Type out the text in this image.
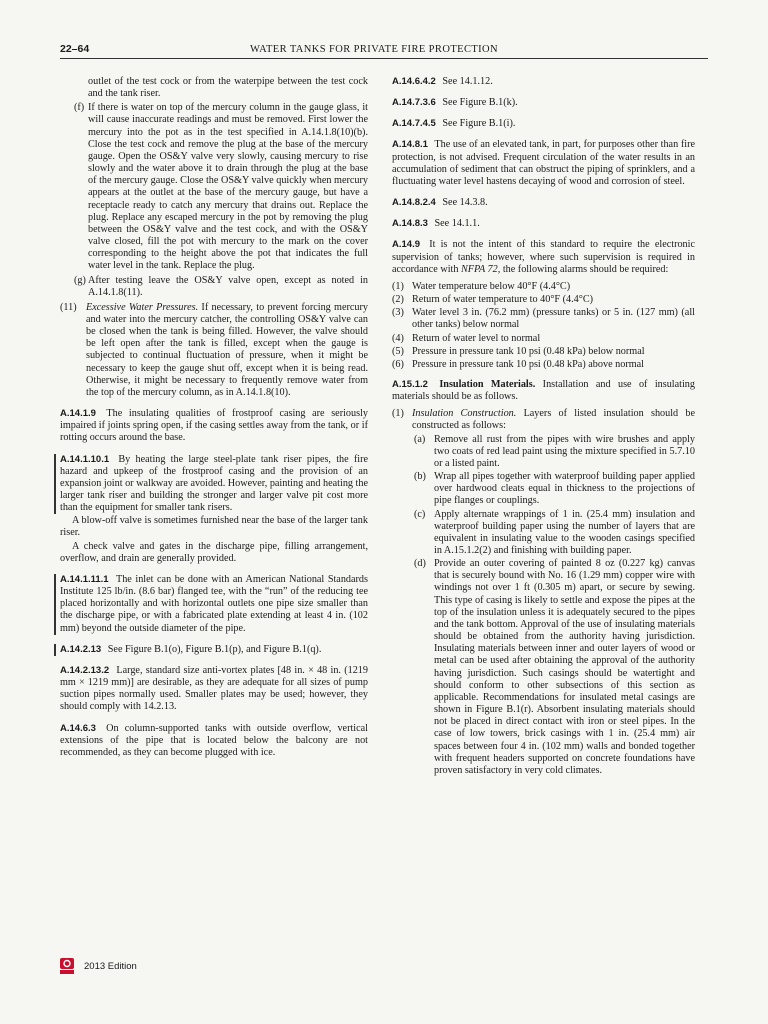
22–64	WATER TANKS FOR PRIVATE FIRE PROTECTION
outlet of the test cock or from the waterpipe between the test cock and the tank riser.
(f) If there is water on top of the mercury column in the gauge glass, it will cause inaccurate readings and must be removed. First lower the mercury into the pot as in the test specified in A.14.1.8(10)(b). Close the test cock and remove the plug at the base of the mercury gauge. Open the OS&Y valve very slowly, causing mercury to rise slowly and the water above it to drain through the plug at the base of the mercury gauge. Close the OS&Y valve quickly when mercury appears at the outlet at the base of the mercury gauge, but have a receptacle ready to catch any mercury that drains out. Replace the plug. Replace any escaped mercury in the pot by removing the plug between the OS&Y valve and the test cock, and with the OS&Y valve closed, fill the pot with mercury to the mark on the cover corresponding to the height above the pot that indicates the full water level in the tank. Replace the plug.
(g) After testing leave the OS&Y valve open, except as noted in A.14.1.8(11).
(11) Excessive Water Pressures. If necessary, to prevent forcing mercury and water into the mercury catcher, the controlling OS&Y valve can be closed when the tank is being filled. However, the valve should be left open after the tank is filled, except when the gauge is subjected to continual fluctuation of pressure, when it might be necessary to keep the gauge shut off, except when it is being read. Otherwise, it might be necessary to frequently remove water from the top of the mercury column, as in A.14.1.8(10).

A.14.1.9 The insulating qualities of frostproof casing are seriously impaired if joints spring open, if the casing settles away from the tank, or if rotting occurs around the base.

A.14.1.10.1 By heating the large steel-plate tank riser pipes, the fire hazard and upkeep of the frostproof casing and the provision of an expansion joint or walkway are avoided. However, painting and heating the larger tank riser and building the stronger and larger valve pit cost more than the equipment for smaller tank risers.

A blow-off valve is sometimes furnished near the base of the larger tank riser.

A check valve and gates in the discharge pipe, filling arrangement, overflow, and drain are generally provided.

A.14.1.11.1 The inlet can be done with an American National Standards Institute 125 lb/in. (8.6 bar) flanged tee, with the “run” of the reducing tee placed horizontally and with horizontal outlets one pipe size smaller than the discharge pipe, or with a fabricated plate extending at least 4 in. (102 mm) beyond the outside diameter of the pipe.

A.14.2.13 See Figure B.1(o), Figure B.1(p), and Figure B.1(q).

A.14.2.13.2 Large, standard size anti-vortex plates [48 in. × 48 in. (1219 mm × 1219 mm)] are desirable, as they are adequate for all sizes of pump suction pipes normally used. Smaller plates may be used; however, they should comply with 14.2.13.

A.14.6.3 On column-supported tanks with outside overflow, vertical extensions of the pipe that is located below the balcony are not recommended, as they can become plugged with ice.

A.14.6.4.2 See 14.1.12.

A.14.7.3.6 See Figure B.1(k).

A.14.7.4.5 See Figure B.1(i).

A.14.8.1 The use of an elevated tank, in part, for purposes other than fire protection, is not advised. Frequent circulation of the water results in an accumulation of sediment that can obstruct the piping of sprinklers, and a fluctuating water level hastens decaying of wood and corrosion of steel.

A.14.8.2.4 See 14.3.8.

A.14.8.3 See 14.1.1.

A.14.9 It is not the intent of this standard to require the electronic supervision of tanks; however, where such supervision is required in accordance with NFPA 72, the following alarms should be required:

(1) Water temperature below 40°F (4.4°C)
(2) Return of water temperature to 40°F (4.4°C)
(3) Water level 3 in. (76.2 mm) (pressure tanks) or 5 in. (127 mm) (all other tanks) below normal
(4) Return of water level to normal
(5) Pressure in pressure tank 10 psi (0.48 kPa) below normal
(6) Pressure in pressure tank 10 psi (0.48 kPa) above normal

A.15.1.2 Insulation Materials. Installation and use of insulating materials should be as follows.

(1) Insulation Construction. Layers of listed insulation should be constructed as follows:
(a) Remove all rust from the pipes with wire brushes and apply two coats of red lead paint using the mixture specified in 5.7.10 or a listed paint.
(b) Wrap all pipes together with waterproof building paper applied over hardwood cleats equal in thickness to the projections of pipe flanges or couplings.
(c) Apply alternate wrappings of 1 in. (25.4 mm) insulation and waterproof building paper using the number of layers that are equivalent in insulating value to the wooden casings specified in A.15.1.2(2) and finishing with building paper.
(d) Provide an outer covering of painted 8 oz (0.227 kg) canvas that is securely bound with No. 16 (1.29 mm) copper wire with windings not over 1 ft (0.305 m) apart, or secure by sewing. This type of casing is likely to settle and expose the pipes at the top of the insulation unless it is adequately secured to the pipes and the tank bottom. Approval of the use of insulating materials should be obtained from the authority having jurisdiction. Insulating materials between inner and outer layers of wood or metal can be used after obtaining the approval of the authority having jurisdiction. Such casings should be watertight and should conform to other subsections of this section as applicable. Recommendations for insulated metal casings are shown in Figure B.1(r). Absorbent insulating materials should not be placed in direct contact with iron or steel pipes. In the case of low towers, brick casings with 1 in. (25.4 mm) air spaces between four 4 in. (102 mm) walls and bonded together with frequent headers supported on concrete foundations have proven satisfactory in very cold climates.
2013 Edition
